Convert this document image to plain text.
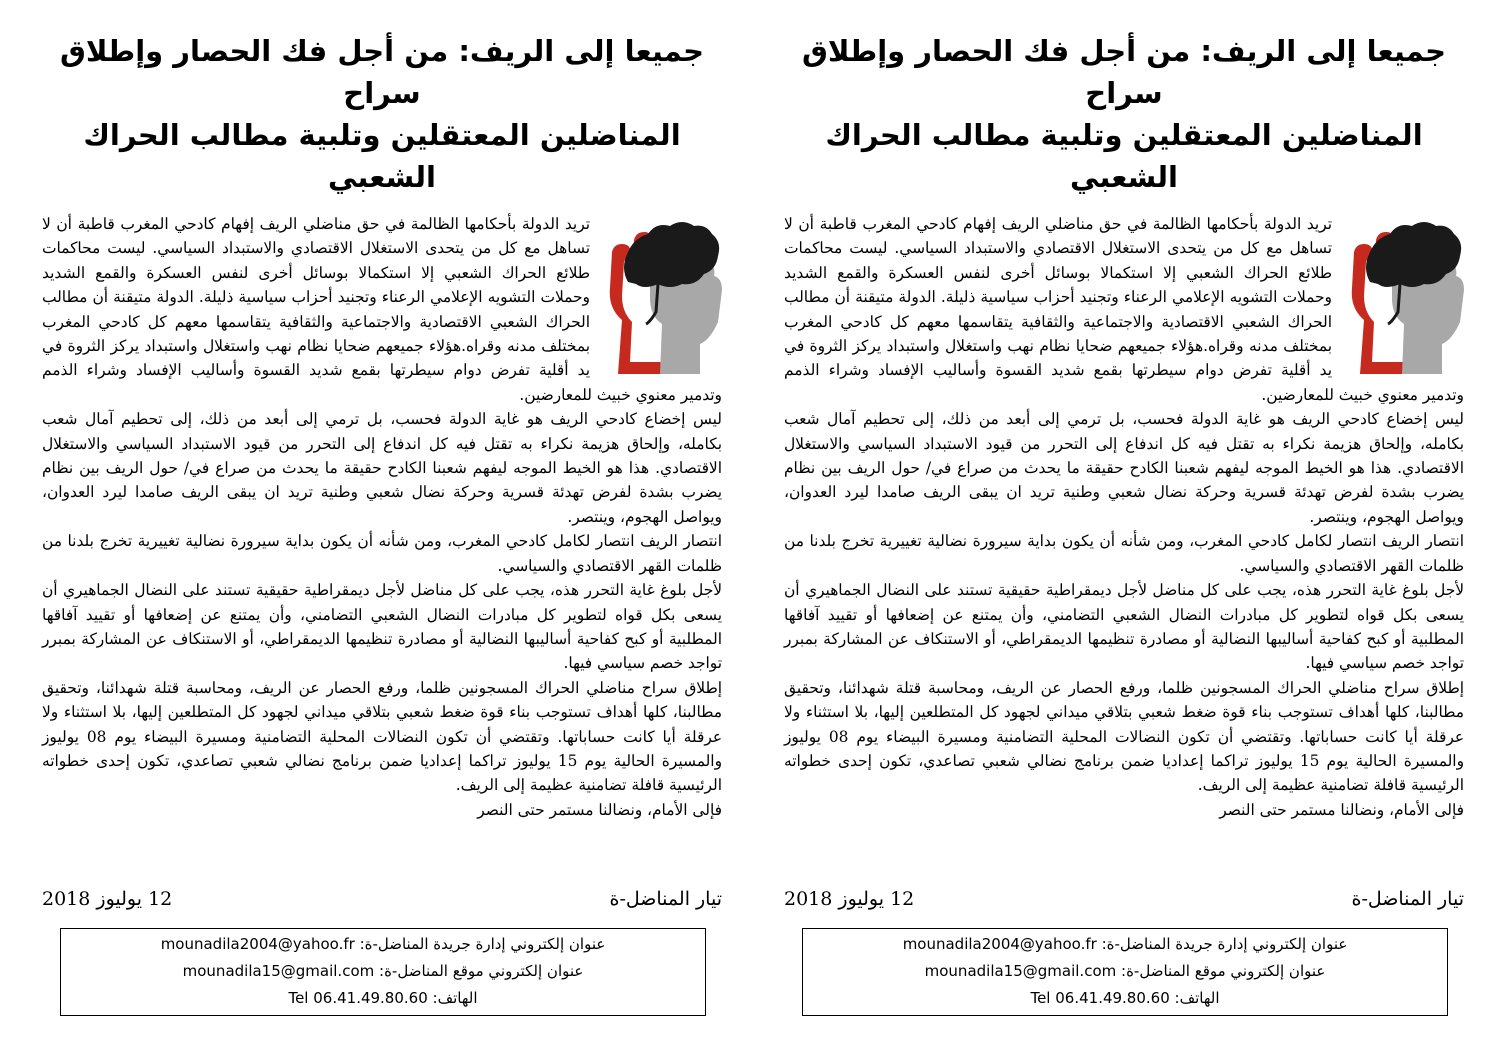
جميعا إلى الريف: من أجل فك الحصار وإطلاق سراح
المناضلين المعتقلين وتلبية مطالب الحراك الشعبي

تريد الدولة بأحكامها الظالمة في حق مناضلي الريف إفهام كادحي المغرب قاطبة أن لا تساهل مع كل من يتحدى الاستغلال الاقتصادي والاستبداد السياسي. ليست محاكمات طلائع الحراك الشعبي إلا استكمالا بوسائل أخرى لنفس العسكرة والقمع الشديد وحملات التشويه الإعلامي الرعناء وتجنيد أحزاب سياسية ذليلة. الدولة متيقنة أن مطالب الحراك الشعبي الاقتصادية والاجتماعية والثقافية يتقاسمها معهم كل كادحي المغرب بمختلف مدنه وقراه.هؤلاء جميعهم ضحايا نظام نهب واستغلال واستبداد يركز الثروة في يد أقلية تفرض دوام سيطرتها بقمع شديد القسوة وأساليب الإفساد وشراء الذمم وتدمير معنوي خبيث للمعارضين.

ليس إخضاع كادحي الريف هو غاية الدولة فحسب، بل ترمي إلى أبعد من ذلك، إلى تحطيم آمال شعب بكامله، وإلحاق هزيمة نكراء به تقتل فيه كل اندفاع إلى التحرر من قيود الاستبداد السياسي والاستغلال الاقتصادي. هذا هو الخيط الموجه ليفهم شعبنا الكادح حقيقة ما يحدث من صراع في/ حول الريف بين نظام يضرب بشدة لفرض تهدئة قسرية وحركة نضال شعبي وطنية تريد ان يبقى الريف صامدا ليرد العدوان، ويواصل الهجوم، وينتصر.

انتصار الريف انتصار لكامل كادحي المغرب، ومن شأنه أن يكون بداية سيرورة نضالية تغييرية تخرج بلدنا من ظلمات القهر الاقتصادي والسياسي.

لأجل بلوغ غاية التحرر هذه، يجب على كل مناضل لأجل ديمقراطية حقيقية تستند على النضال الجماهيري أن يسعى بكل قواه لتطوير كل مبادرات النضال الشعبي التضامني، وأن يمتنع عن إضعافها أو تقييد آفاقها المطلبية أو كبح كفاحية أساليبها النضالية أو مصادرة تنظيمها الديمقراطي، أو الاستنكاف عن المشاركة بمبرر تواجد خصم سياسي فيها.

إطلاق سراح مناضلي الحراك المسجونين ظلما، ورفع الحصار عن الريف، ومحاسبة قتلة شهدائنا، وتحقيق مطالبنا، كلها أهداف تستوجب بناء قوة ضغط شعبي بتلاقي ميداني لجهود كل المتطلعين إليها، بلا استثناء ولا عرقلة أيا كانت حساباتها. وتقتضي أن تكون النضالات المحلية التضامنية ومسيرة البيضاء يوم 08 يوليوز والمسيرة الحالية يوم 15 يوليوز تراكما إعداديا ضمن برنامج نضالي شعبي تصاعدي، تكون إحدى خطواته الرئيسية قافلة تضامنية عظيمة إلى الريف.

فإلى الأمام، ونضالنا مستمر حتى النصر

تيار المناضل-ة
12 يوليوز 2018
عنوان إلكتروني إدارة جريدة المناضل-ة: mounadila2004@yahoo.fr
عنوان إلكتروني موقع المناضل-ة: mounadila15@gmail.com
الهاتف: Tel 06.41.49.80.60
جميعا إلى الريف: من أجل فك الحصار وإطلاق سراح
المناضلين المعتقلين وتلبية مطالب الحراك الشعبي

تريد الدولة بأحكامها الظالمة في حق مناضلي الريف إفهام كادحي المغرب قاطبة أن لا تساهل مع كل من يتحدى الاستغلال الاقتصادي والاستبداد السياسي. ليست محاكمات طلائع الحراك الشعبي إلا استكمالا بوسائل أخرى لنفس العسكرة والقمع الشديد وحملات التشويه الإعلامي الرعناء وتجنيد أحزاب سياسية ذليلة. الدولة متيقنة أن مطالب الحراك الشعبي الاقتصادية والاجتماعية والثقافية يتقاسمها معهم كل كادحي المغرب بمختلف مدنه وقراه.هؤلاء جميعهم ضحايا نظام نهب واستغلال واستبداد يركز الثروة في يد أقلية تفرض دوام سيطرتها بقمع شديد القسوة وأساليب الإفساد وشراء الذمم وتدمير معنوي خبيث للمعارضين.

ليس إخضاع كادحي الريف هو غاية الدولة فحسب، بل ترمي إلى أبعد من ذلك، إلى تحطيم آمال شعب بكامله، وإلحاق هزيمة نكراء به تقتل فيه كل اندفاع إلى التحرر من قيود الاستبداد السياسي والاستغلال الاقتصادي. هذا هو الخيط الموجه ليفهم شعبنا الكادح حقيقة ما يحدث من صراع في/ حول الريف بين نظام يضرب بشدة لفرض تهدئة قسرية وحركة نضال شعبي وطنية تريد ان يبقى الريف صامدا ليرد العدوان، ويواصل الهجوم، وينتصر.

انتصار الريف انتصار لكامل كادحي المغرب، ومن شأنه أن يكون بداية سيرورة نضالية تغييرية تخرج بلدنا من ظلمات القهر الاقتصادي والسياسي.

لأجل بلوغ غاية التحرر هذه، يجب على كل مناضل لأجل ديمقراطية حقيقية تستند على النضال الجماهيري أن يسعى بكل قواه لتطوير كل مبادرات النضال الشعبي التضامني، وأن يمتنع عن إضعافها أو تقييد آفاقها المطلبية أو كبح كفاحية أساليبها النضالية أو مصادرة تنظيمها الديمقراطي، أو الاستنكاف عن المشاركة بمبرر تواجد خصم سياسي فيها.

إطلاق سراح مناضلي الحراك المسجونين ظلما، ورفع الحصار عن الريف، ومحاسبة قتلة شهدائنا، وتحقيق مطالبنا، كلها أهداف تستوجب بناء قوة ضغط شعبي بتلاقي ميداني لجهود كل المتطلعين إليها، بلا استثناء ولا عرقلة أيا كانت حساباتها. وتقتضي أن تكون النضالات المحلية التضامنية ومسيرة البيضاء يوم 08 يوليوز والمسيرة الحالية يوم 15 يوليوز تراكما إعداديا ضمن برنامج نضالي شعبي تصاعدي، تكون إحدى خطواته الرئيسية قافلة تضامنية عظيمة إلى الريف.

فإلى الأمام، ونضالنا مستمر حتى النصر

تيار المناضل-ة
12 يوليوز 2018
عنوان إلكتروني إدارة جريدة المناضل-ة: mounadila2004@yahoo.fr
عنوان إلكتروني موقع المناضل-ة: mounadila15@gmail.com
الهاتف: Tel 06.41.49.80.60
